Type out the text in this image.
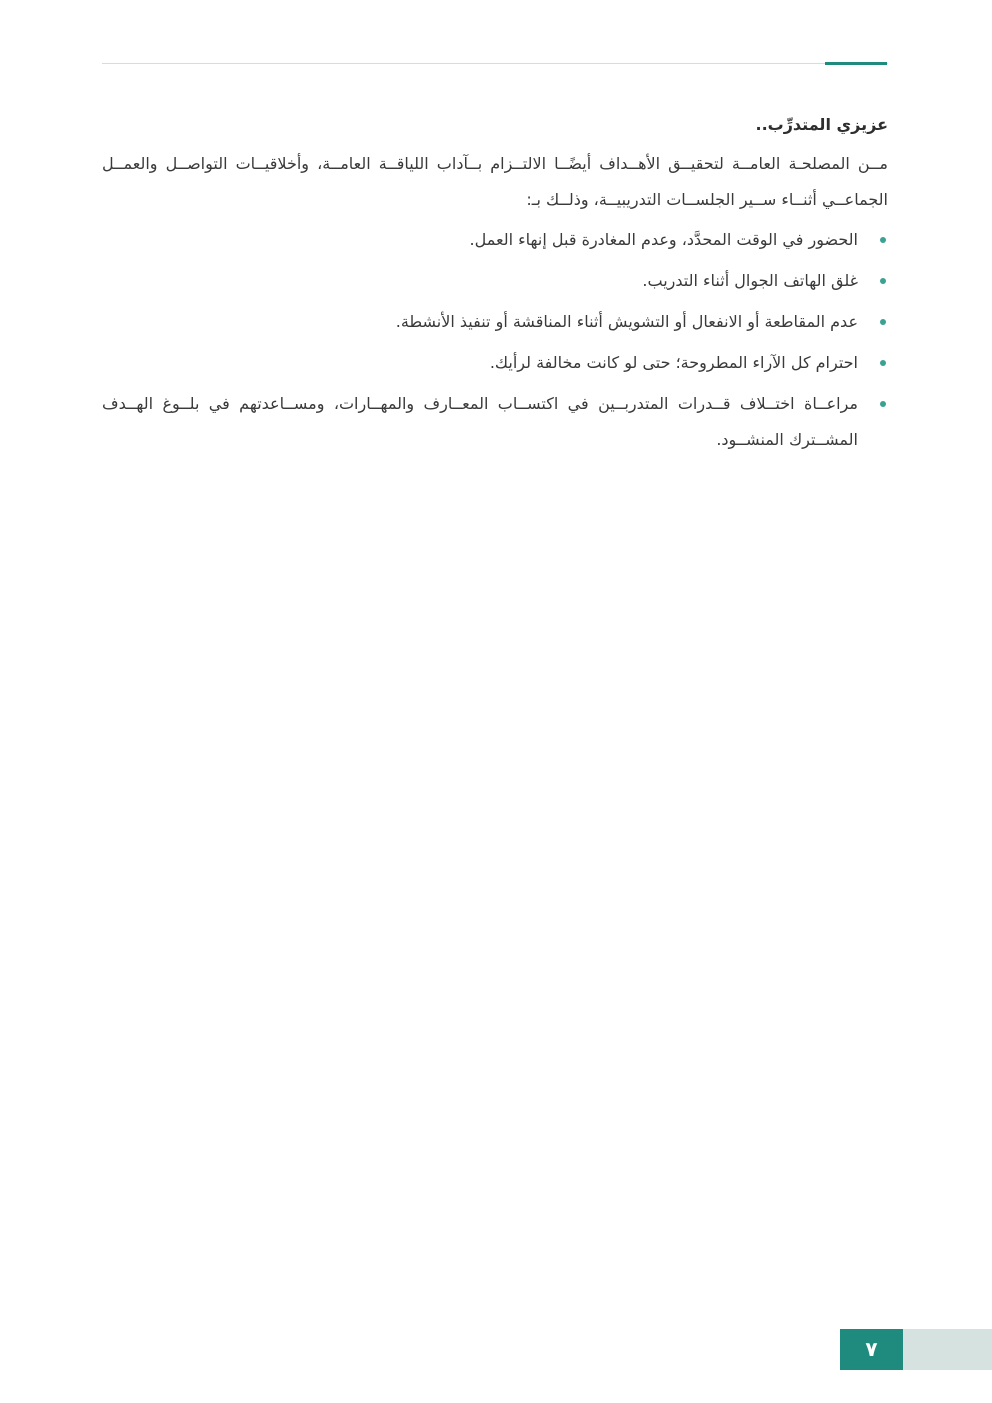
عزيزي المتدرِّب..

مــن المصلحـة العامــة لتحقيــق الأهــداف أيضًــا الالتــزام بــآداب اللياقــة العامــة، وأخلاقيــات التواصــل والعمــل الجماعــي أثنــاء ســير الجلســات التدريبيــة، وذلــك بـ:

الحضور في الوقت المحدَّد، وعدم المغادرة قبل إنهاء العمل.
غلق الهاتف الجوال أثناء التدريب.
عدم المقاطعة أو الانفعال أو التشويش أثناء المناقشة أو تنفيذ الأنشطة.
احترام كل الآراء المطروحة؛ حتى لو كانت مخالفة لرأيك.
مراعــاة اختــلاف قــدرات المتدربــين في اكتســاب المعــارف والمهــارات، ومســاعدتهم في بلــوغ الهــدف المشــترك المنشــود.
٧
